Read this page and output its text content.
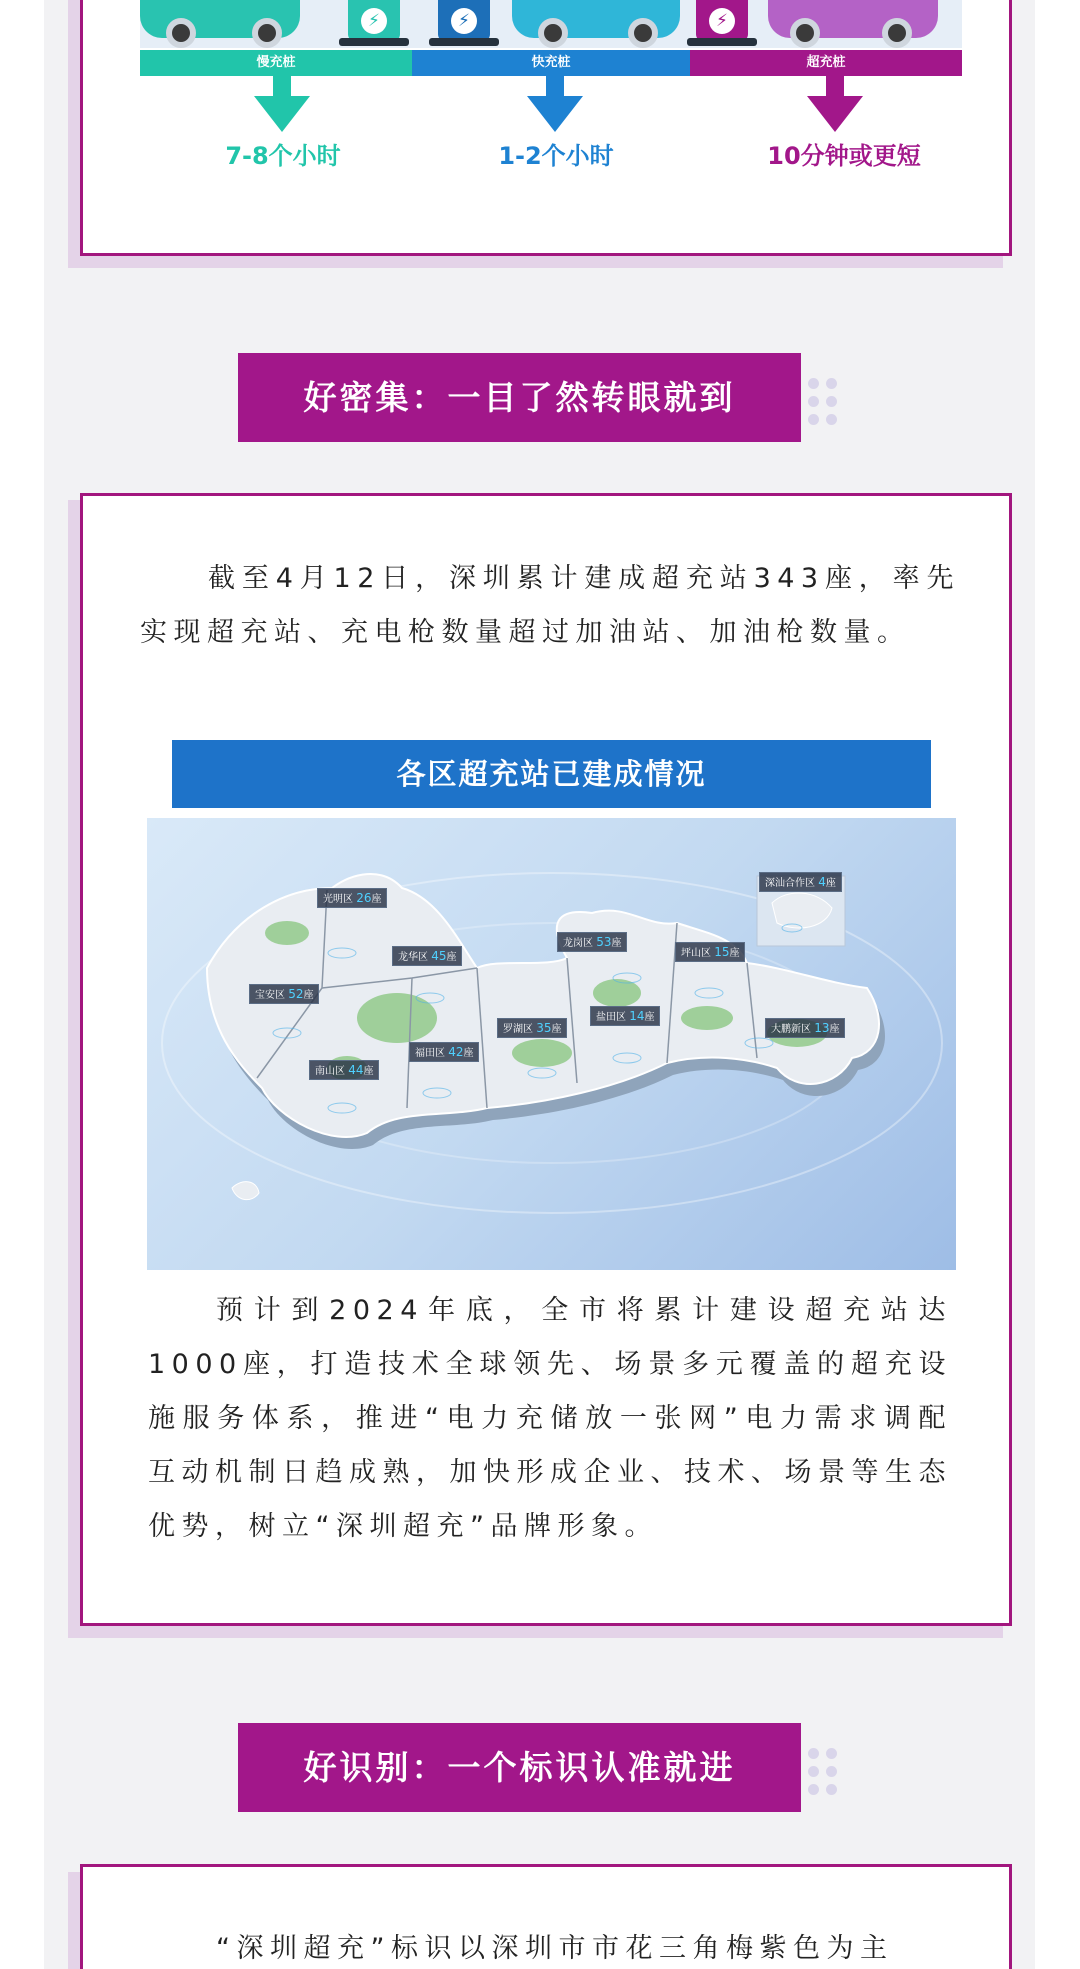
⚡	⚡	⚡
慢充桩	快充桩	超充桩
7-8个小时	1-2个小时	10分钟或更短
好密集：一目了然转眼就到

截至4月12日，深圳累计建成超充站343座，率先实现超充站、充电枪数量超过加油站、加油枪数量。

各区超充站已建成情况
光明区 26座
深汕合作区 4座
龙华区 45座
龙岗区 53座
坪山区 15座
宝安区 52座
盐田区 14座
罗湖区 35座	大鹏新区 13座
福田区 42座
南山区 44座

预计到2024年底，全市将累计建设超充站达1000座，打造技术全球领先、场景多元覆盖的超充设施服务体系，推进“电力充储放一张网”电力需求调配互动机制日趋成熟，加快形成企业、技术、场景等生态优势，树立“深圳超充”品牌形象。

好识别：一个标识认准就进

“深圳超充”标识以深圳市市花三角梅紫色为主
